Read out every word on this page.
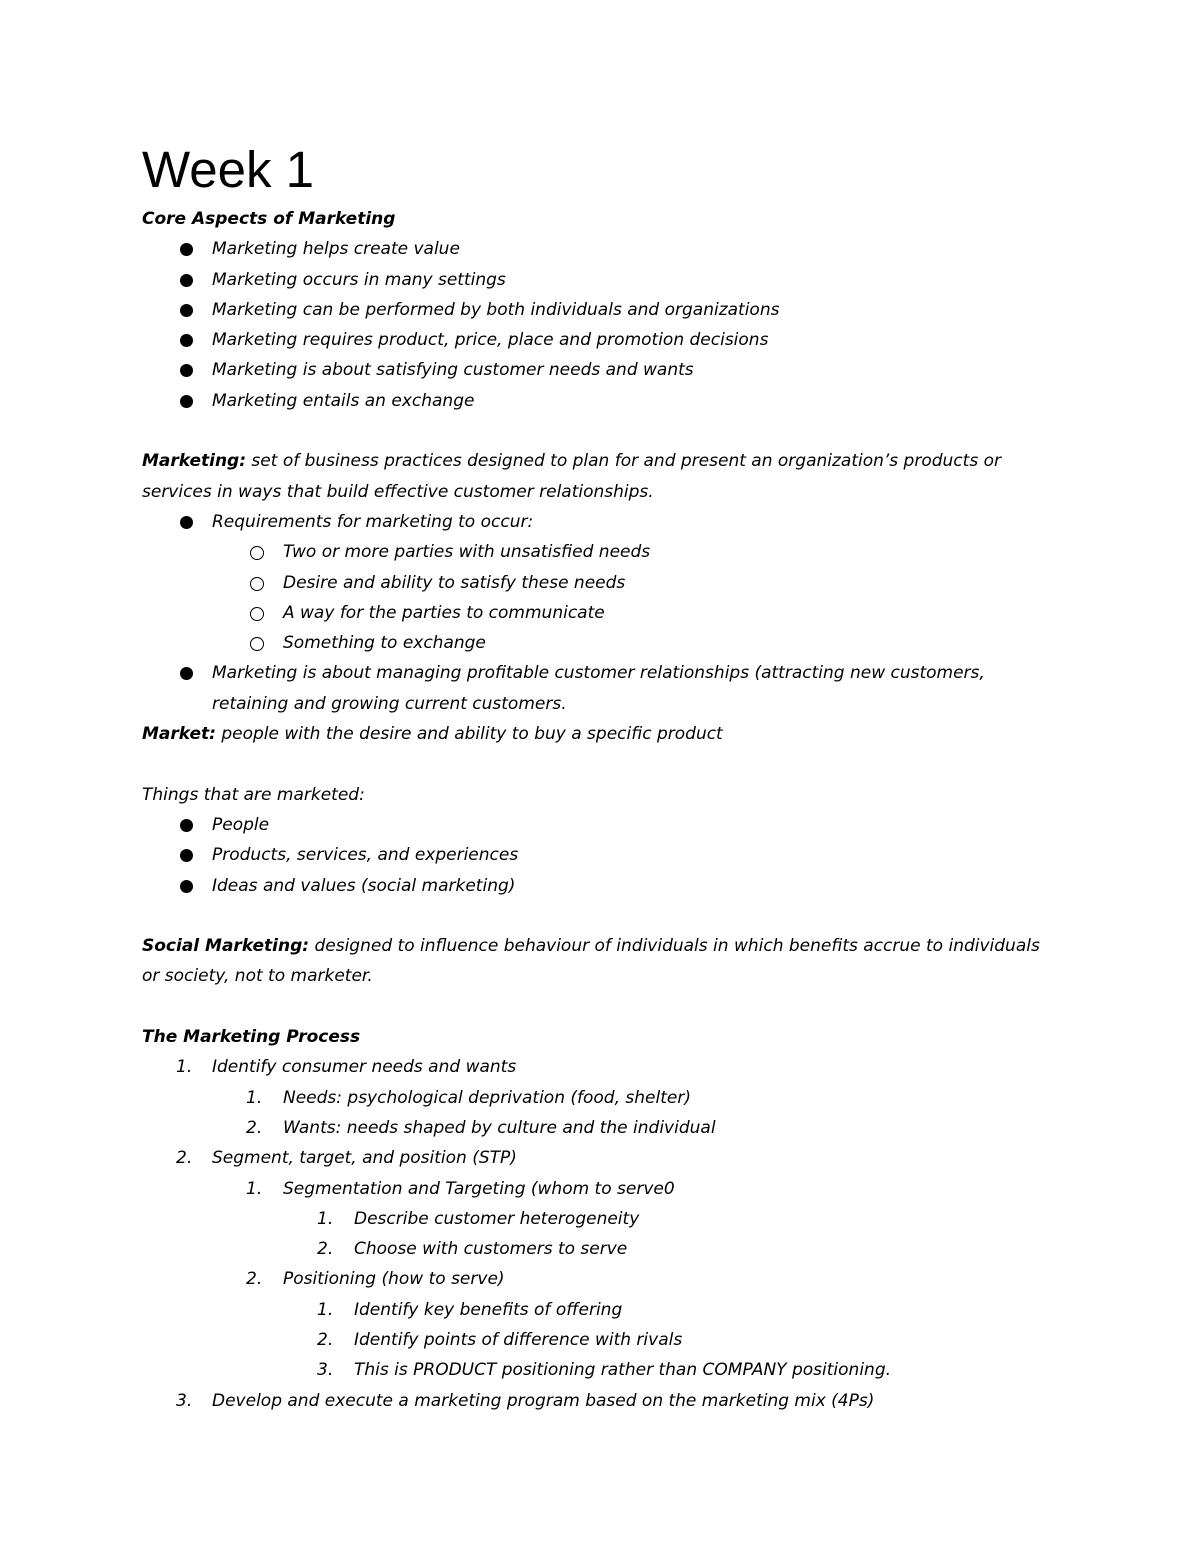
Week 1
Core Aspects of Marketing
Marketing helps create value
Marketing occurs in many settings
Marketing can be performed by both individuals and organizations
Marketing requires product, price, place and promotion decisions
Marketing is about satisfying customer needs and wants
Marketing entails an exchange
Marketing: set of business practices designed to plan for and present an organization’s products or services in ways that build effective customer relationships.
Requirements for marketing to occur:
Two or more parties with unsatisfied needs
Desire and ability to satisfy these needs
A way for the parties to communicate
Something to exchange
Marketing is about managing profitable customer relationships (attracting new customers, retaining and growing current customers.
Market: people with the desire and ability to buy a specific product
Things that are marketed:
People
Products, services, and experiences
Ideas and values (social marketing)
Social Marketing: designed to influence behaviour of individuals in which benefits accrue to individuals or society, not to marketer.
The Marketing Process
1. Identify consumer needs and wants
1. Needs: psychological deprivation (food, shelter)
2. Wants: needs shaped by culture and the individual
2. Segment, target, and position (STP)
1. Segmentation and Targeting (whom to serve0
1. Describe customer heterogeneity
2. Choose with customers to serve
2. Positioning (how to serve)
1. Identify key benefits of offering
2. Identify points of difference with rivals
3. This is PRODUCT positioning rather than COMPANY positioning.
3. Develop and execute a marketing program based on the marketing mix (4Ps)
